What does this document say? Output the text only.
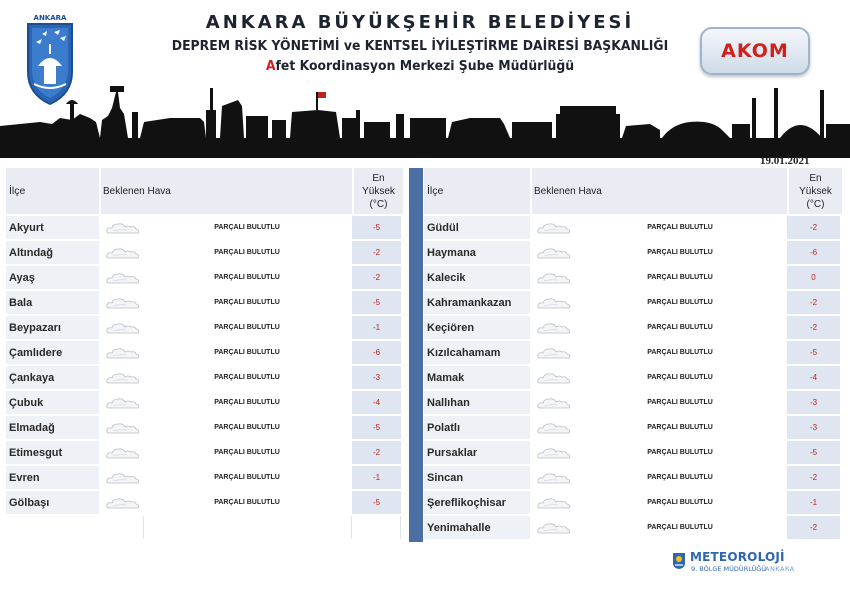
ANKARA	ANKARA BÜYÜKŞEHİR BELEDİYESİ
DEPREM RİSK YÖNETİMİ ve KENTSEL İYİLEŞTİRME DAİRESİ BAŞKANLIĞI
Afet Koordinasyon Merkezi Şube Müdürlüğü
AKOM
19.01.2021
İlçe	Beklenen Hava
En
Yüksek
(°C)
Akyurt	PARÇALI BULUTLU	-5
Altındağ	PARÇALI BULUTLU	-2
Ayaş	PARÇALI BULUTLU	-2
Bala	PARÇALI BULUTLU	-5
Beypazarı	PARÇALI BULUTLU	-1
Çamlıdere	PARÇALI BULUTLU	-6
Çankaya	PARÇALI BULUTLU	-3
Çubuk	PARÇALI BULUTLU	-4
Elmadağ	PARÇALI BULUTLU	-5
Etimesgut	PARÇALI BULUTLU	-2
Evren	PARÇALI BULUTLU	-1
Gölbaşı	PARÇALI BULUTLU	-5
İlçe	Beklenen Hava
En
Yüksek
(°C)
Güdül	PARÇALI BULUTLU	-2
Haymana	PARÇALI BULUTLU	-6
Kalecik	PARÇALI BULUTLU	0
Kahramankazan	PARÇALI BULUTLU	-2
Keçiören	PARÇALI BULUTLU	-2
Kızılcahamam	PARÇALI BULUTLU	-5
Mamak	PARÇALI BULUTLU	-4
Nallıhan	PARÇALI BULUTLU	-3
Polatlı	PARÇALI BULUTLU	-3
Pursaklar	PARÇALI BULUTLU	-5
Sincan	PARÇALI BULUTLU	-2
Şereflikoçhisar	PARÇALI BULUTLU	-1
Yenimahalle	PARÇALI BULUTLU	-2
METEOROLOJİ
9. BÖLGE MÜDÜRLÜĞÜ
ANKARA
